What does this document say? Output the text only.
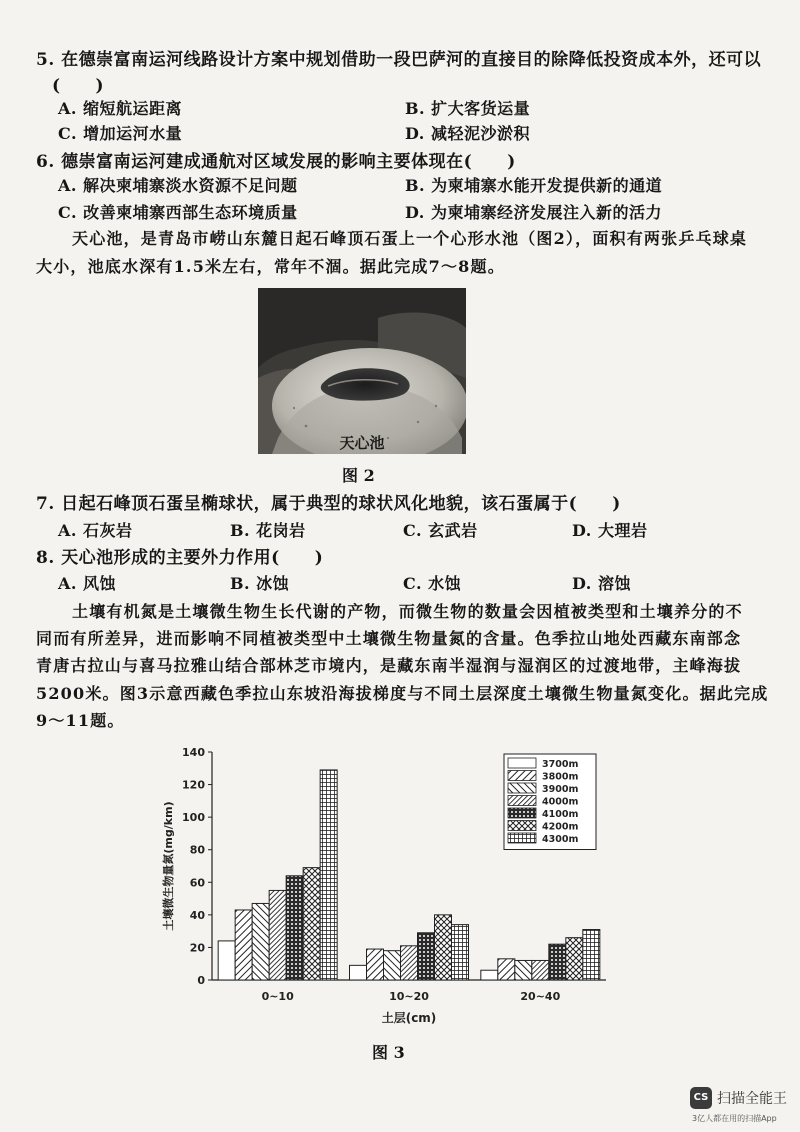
5. 在德崇富南运河线路设计方案中规划借助一段巴萨河的直接目的除降低投资成本外，还可以
(　　)
A. 缩短航运距离	B. 扩大客货运量
C. 增加运河水量	D. 减轻泥沙淤积
6. 德崇富南运河建成通航对区域发展的影响主要体现在(　　)
A. 解决柬埔寨淡水资源不足问题	B. 为柬埔寨水能开发提供新的通道
C. 改善柬埔寨西部生态环境质量	D. 为柬埔寨经济发展注入新的活力
天心池，是青岛市崂山东麓日起石峰顶石蛋上一个心形水池（图2），面积有两张乒乓球桌
大小，池底水深有1.5米左右，常年不涸。据此完成7～8题。
天心池
图 2
7. 日起石峰顶石蛋呈椭球状，属于典型的球状风化地貌，该石蛋属于(　　)
A. 石灰岩	B. 花岗岩	C. 玄武岩	D. 大理岩
8. 天心池形成的主要外力作用(　　)
A. 风蚀	B. 冰蚀	C. 水蚀	D. 溶蚀
土壤有机氮是土壤微生物生长代谢的产物，而微生物的数量会因植被类型和土壤养分的不
同而有所差异，进而影响不同植被类型中土壤微生物量氮的含量。色季拉山地处西藏东南部念
青唐古拉山与喜马拉雅山结合部林芝市境内，是藏东南半湿润与湿润区的过渡地带，主峰海拔
5200米。图3示意西藏色季拉山东坡沿海拔梯度与不同土层深度土壤微生物量氮变化。据此完成
9～11题。
0
20
40
60
80
100
120
140
土壤微生物量氮(mg/km)
土层(cm)
0~10	10~20	20~40
3700m
3800m
3900m
4000m
4100m
4200m
4300m
图 3
CS 扫描全能王
3亿人都在用的扫描App
